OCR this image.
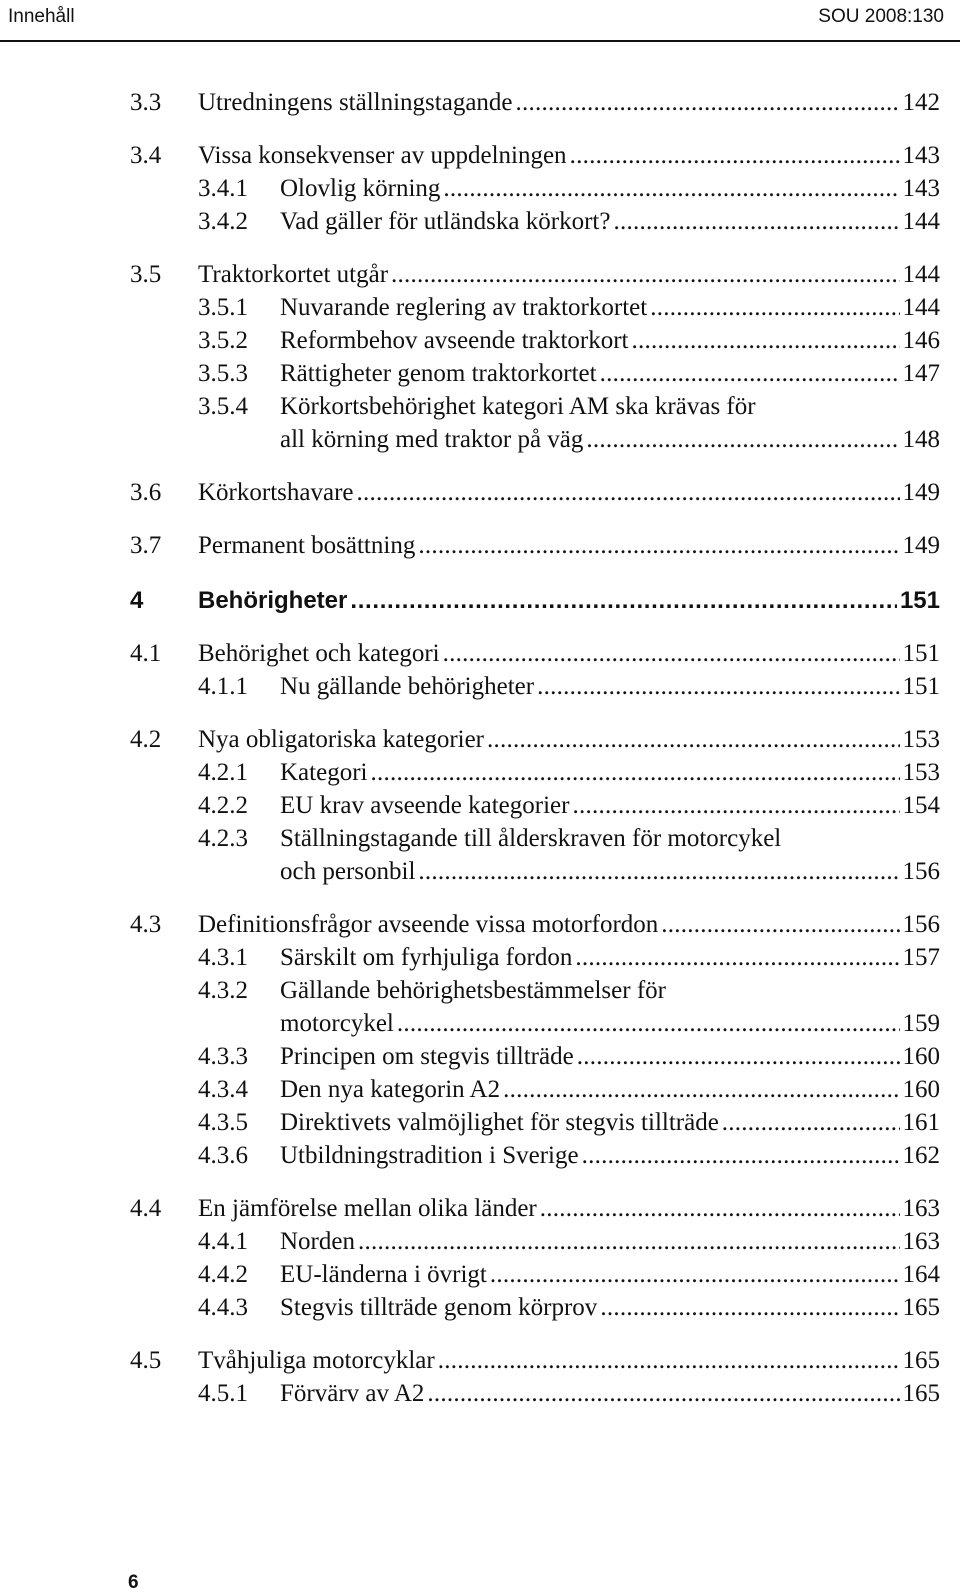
Innehåll	SOU 2008:130
3.3	Utredningens ställningstagande . . .	142
3.4	Vissa konsekvenser av uppdelningen . . .	143
3.4.1	Olovlig körning . . .	143
3.4.2	Vad gäller för utländska körkort? . . .	144
3.5	Traktorkortet utgår . . .	144
3.5.1	Nuvarande reglering av traktorkortet . . .	144
3.5.2	Reformbehov avseende traktorkort . . .	146
3.5.3	Rättigheter genom traktorkortet . . .	147
3.5.4	Körkortsbehörighet kategori AM ska krävas för
all körning med traktor på väg . . .	148
3.6	Körkortshavare . . .	149
3.7	Permanent bosättning . . .	149
4	Behörigheter . . .	151
4.1	Behörighet och kategori . . .	151
4.1.1	Nu gällande behörigheter . . .	151
4.2	Nya obligatoriska kategorier . . .	153
4.2.1	Kategori . . .	153
4.2.2	EU krav avseende kategorier . . .	154
4.2.3	Ställningstagande till ålderskraven för motorcykel
och personbil . . .	156
4.3	Definitionsfrågor avseende vissa motorfordon . . .	156
4.3.1	Särskilt om fyrhjuliga fordon . . .	157
4.3.2	Gällande behörighetsbestämmelser för
motorcykel . . .	159
4.3.3	Principen om stegvis tillträde . . .	160
4.3.4	Den nya kategorin A2 . . .	160
4.3.5	Direktivets valmöjlighet för stegvis tillträde . . .	161
4.3.6	Utbildningstradition i Sverige . . .	162
4.4	En jämförelse mellan olika länder . . .	163
4.4.1	Norden . . .	163
4.4.2	EU-länderna i övrigt . . .	164
4.4.3	Stegvis tillträde genom körprov . . .	165
4.5	Tvåhjuliga motorcyklar . . .	165
4.5.1	Förvärv av A2 . . .	165
6
